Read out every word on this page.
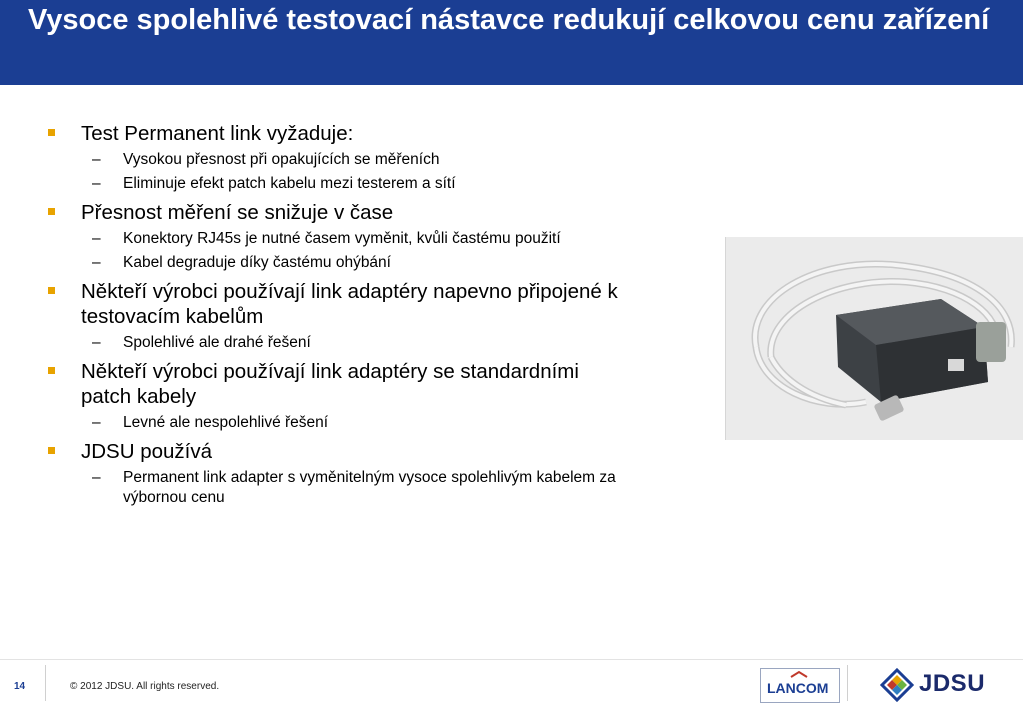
Vysoce spolehlivé testovací nástavce redukují celkovou cenu zařízení
Test Permanent link vyžaduje:
– Vysokou přesnost při opakujících se měřeních
– Eliminuje efekt patch kabelu mezi testerem a sítí
Přesnost měření se snižuje v čase
– Konektory RJ45s je nutné časem vyměnit, kvůli častému použití
– Kabel degraduje díky častému ohýbání
Někteří výrobci používají link adaptéry napevno připojené k testovacím kabelům
– Spolehlivé ale drahé řešení
Někteří výrobci používají link adaptéry se standardními patch kabely
– Levné ale nespolehlivé řešení
JDSU používá
– Permanent link adapter s vyměnitelným vysoce spolehlivým kabelem za výbornou cenu
14	© 2012 JDSU. All rights reserved.	LANCOM	JDSU
